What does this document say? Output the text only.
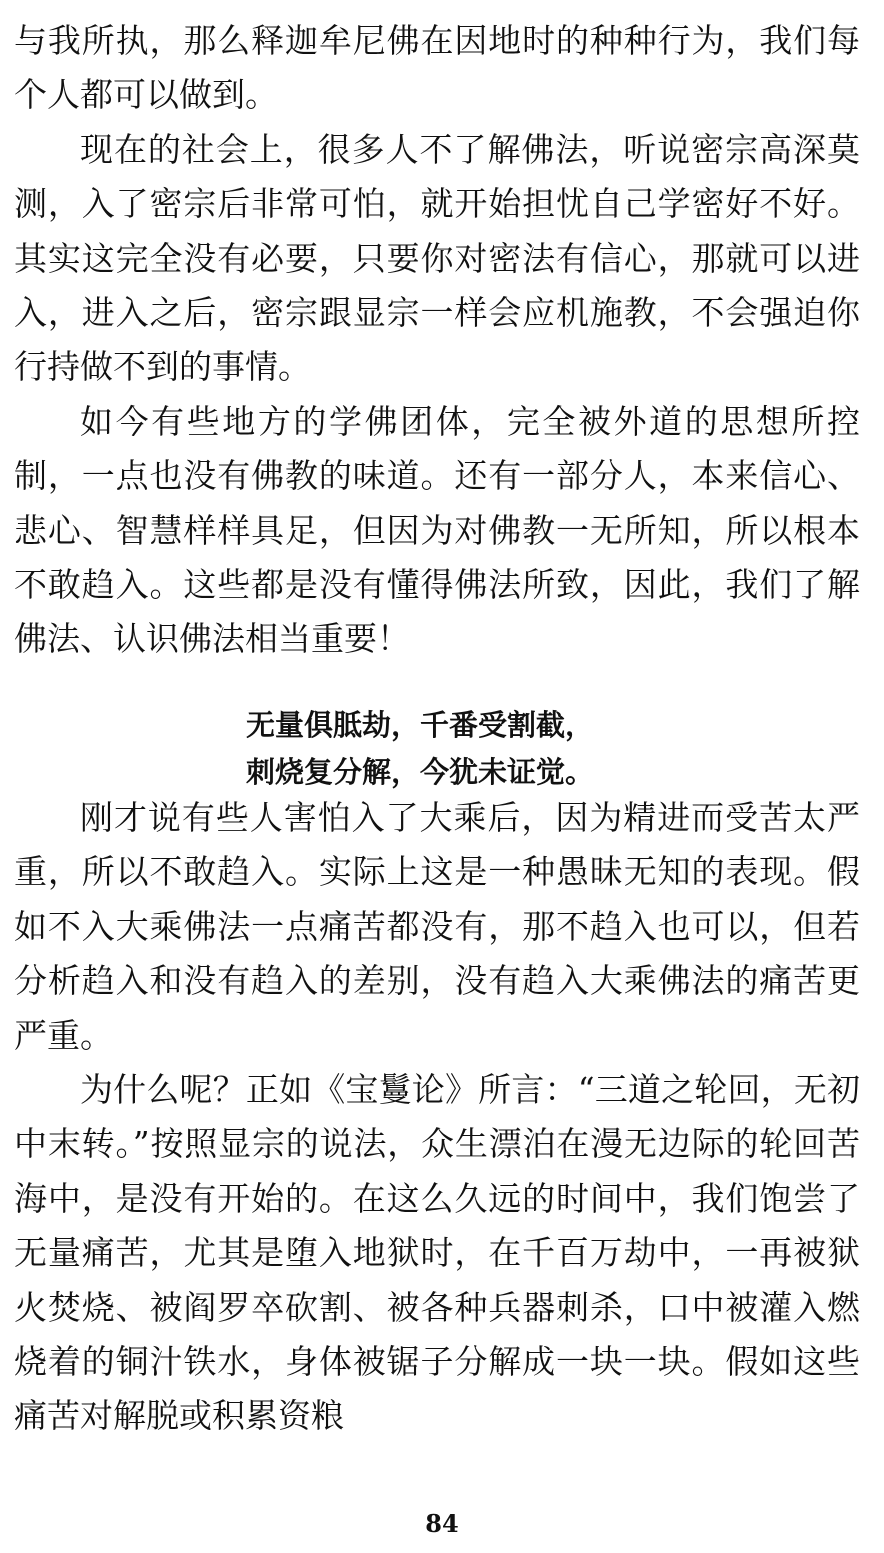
与我所执，那么释迦牟尼佛在因地时的种种行为，我们每个人都可以做到。

现在的社会上，很多人不了解佛法，听说密宗高深莫测，入了密宗后非常可怕，就开始担忧自己学密好不好。其实这完全没有必要，只要你对密法有信心，那就可以进入，进入之后，密宗跟显宗一样会应机施教，不会强迫你行持做不到的事情。

如今有些地方的学佛团体，完全被外道的思想所控制，一点也没有佛教的味道。还有一部分人，本来信心、悲心、智慧样样具足，但因为对佛教一无所知，所以根本不敢趋入。这些都是没有懂得佛法所致，因此，我们了解佛法、认识佛法相当重要！

无量俱胝劫，千番受割截，
刺烧复分解，今犹未证觉。

刚才说有些人害怕入了大乘后，因为精进而受苦太严重，所以不敢趋入。实际上这是一种愚昧无知的表现。假如不入大乘佛法一点痛苦都没有，那不趋入也可以，但若分析趋入和没有趋入的差别，没有趋入大乘佛法的痛苦更严重。

为什么呢？正如《宝鬘论》所言：“三道之轮回，无初中末转。”按照显宗的说法，众生漂泊在漫无边际的轮回苦海中，是没有开始的。在这么久远的时间中，我们饱尝了无量痛苦，尤其是堕入地狱时，在千百万劫中，一再被狱火焚烧、被阎罗卒砍割、被各种兵器刺杀，口中被灌入燃烧着的铜汁铁水，身体被锯子分解成一块一块。假如这些痛苦对解脱或积累资粮

84
